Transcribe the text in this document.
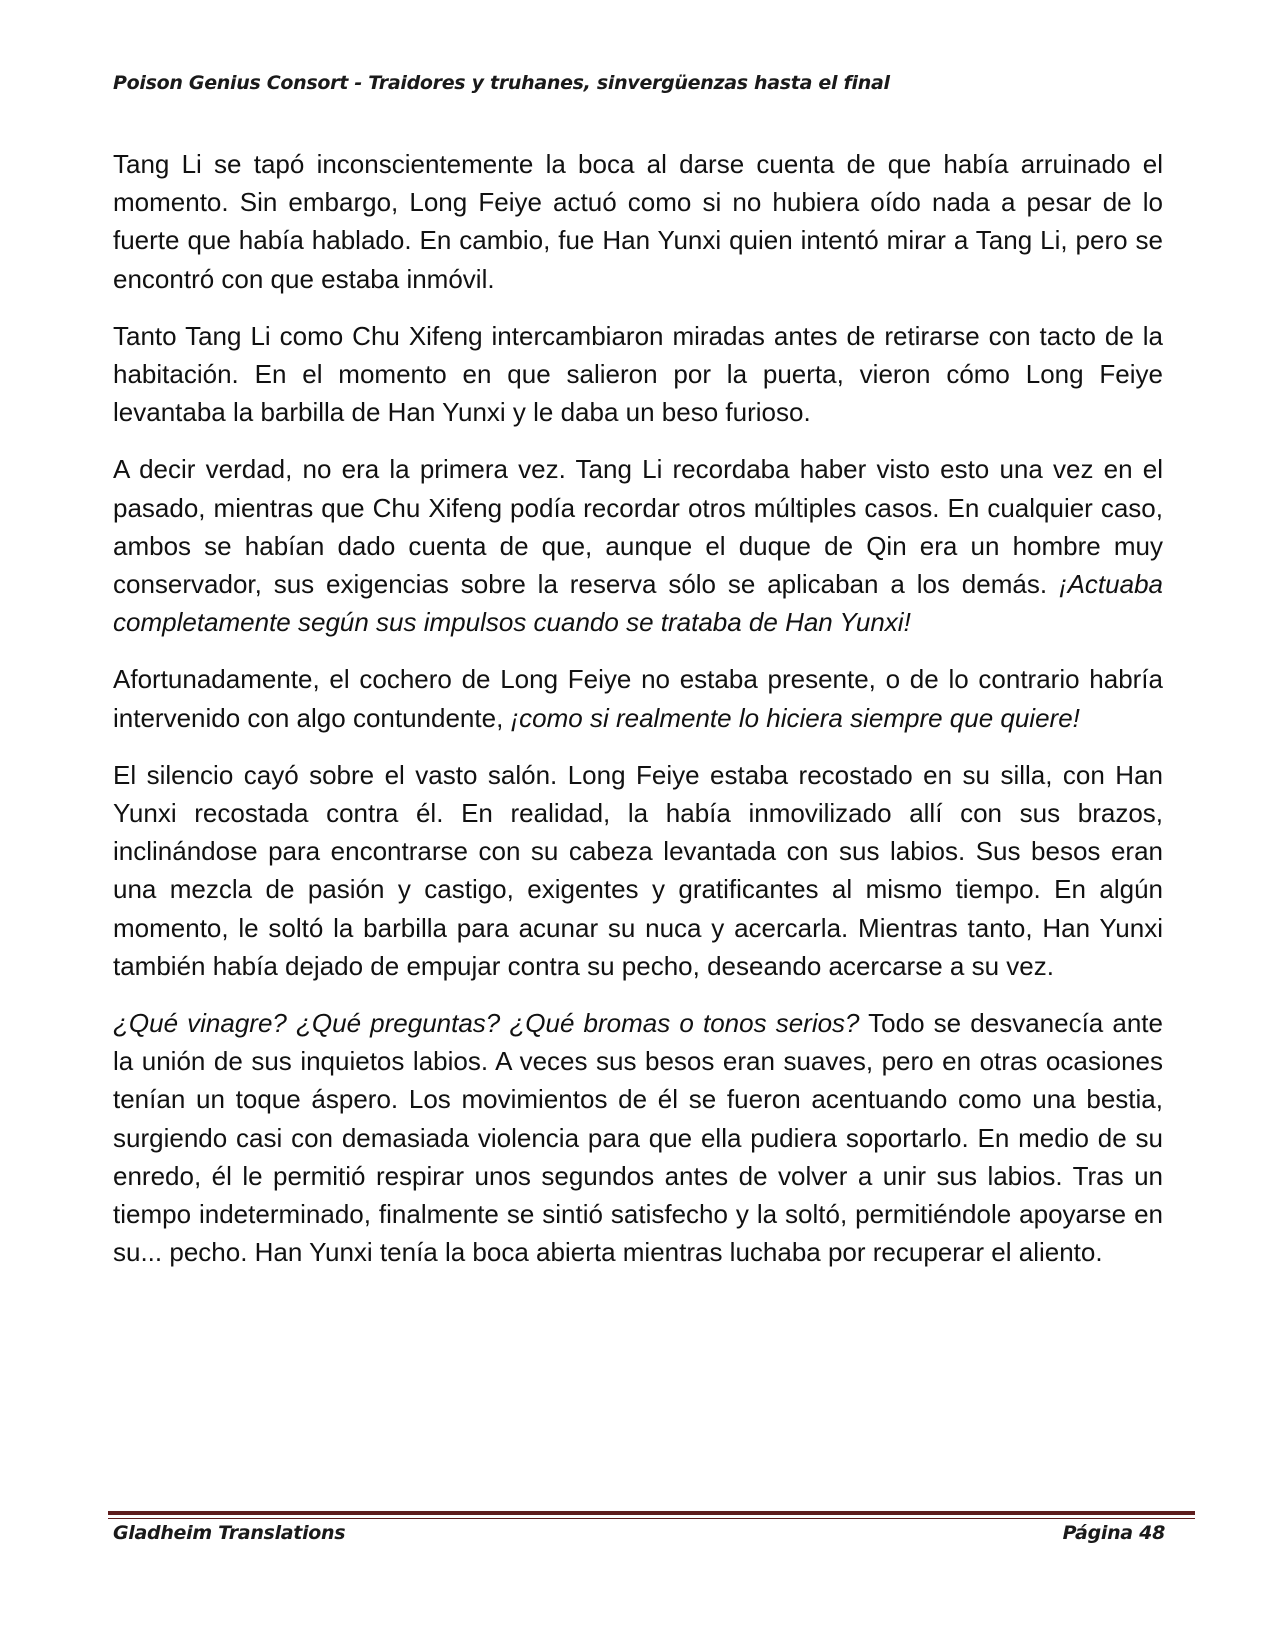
Poison Genius Consort - Traidores y truhanes, sinvergüenzas hasta el final

Tang Li se tapó inconscientemente la boca al darse cuenta de que había arruinado el momento. Sin embargo, Long Feiye actuó como si no hubiera oído nada a pesar de lo fuerte que había hablado. En cambio, fue Han Yunxi quien intentó mirar a Tang Li, pero se encontró con que estaba inmóvil.

Tanto Tang Li como Chu Xifeng intercambiaron miradas antes de retirarse con tacto de la habitación. En el momento en que salieron por la puerta, vieron cómo Long Feiye levantaba la barbilla de Han Yunxi y le daba un beso furioso.

A decir verdad, no era la primera vez. Tang Li recordaba haber visto esto una vez en el pasado, mientras que Chu Xifeng podía recordar otros múltiples casos. En cualquier caso, ambos se habían dado cuenta de que, aunque el duque de Qin era un hombre muy conservador, sus exigencias sobre la reserva sólo se aplicaban a los demás. ¡Actuaba completamente según sus impulsos cuando se trataba de Han Yunxi!

Afortunadamente, el cochero de Long Feiye no estaba presente, o de lo contrario habría intervenido con algo contundente, ¡como si realmente lo hiciera siempre que quiere!

El silencio cayó sobre el vasto salón. Long Feiye estaba recostado en su silla, con Han Yunxi recostada contra él. En realidad, la había inmovilizado allí con sus brazos, inclinándose para encontrarse con su cabeza levantada con sus labios. Sus besos eran una mezcla de pasión y castigo, exigentes y gratificantes al mismo tiempo. En algún momento, le soltó la barbilla para acunar su nuca y acercarla. Mientras tanto, Han Yunxi también había dejado de empujar contra su pecho, deseando acercarse a su vez.

¿Qué vinagre? ¿Qué preguntas? ¿Qué bromas o tonos serios? Todo se desvanecía ante la unión de sus inquietos labios. A veces sus besos eran suaves, pero en otras ocasiones tenían un toque áspero. Los movimientos de él se fueron acentuando como una bestia, surgiendo casi con demasiada violencia para que ella pudiera soportarlo. En medio de su enredo, él le permitió respirar unos segundos antes de volver a unir sus labios. Tras un tiempo indeterminado, finalmente se sintió satisfecho y la soltó, permitiéndole apoyarse en su... pecho. Han Yunxi tenía la boca abierta mientras luchaba por recuperar el aliento.

Gladheim Translations	Página 48
